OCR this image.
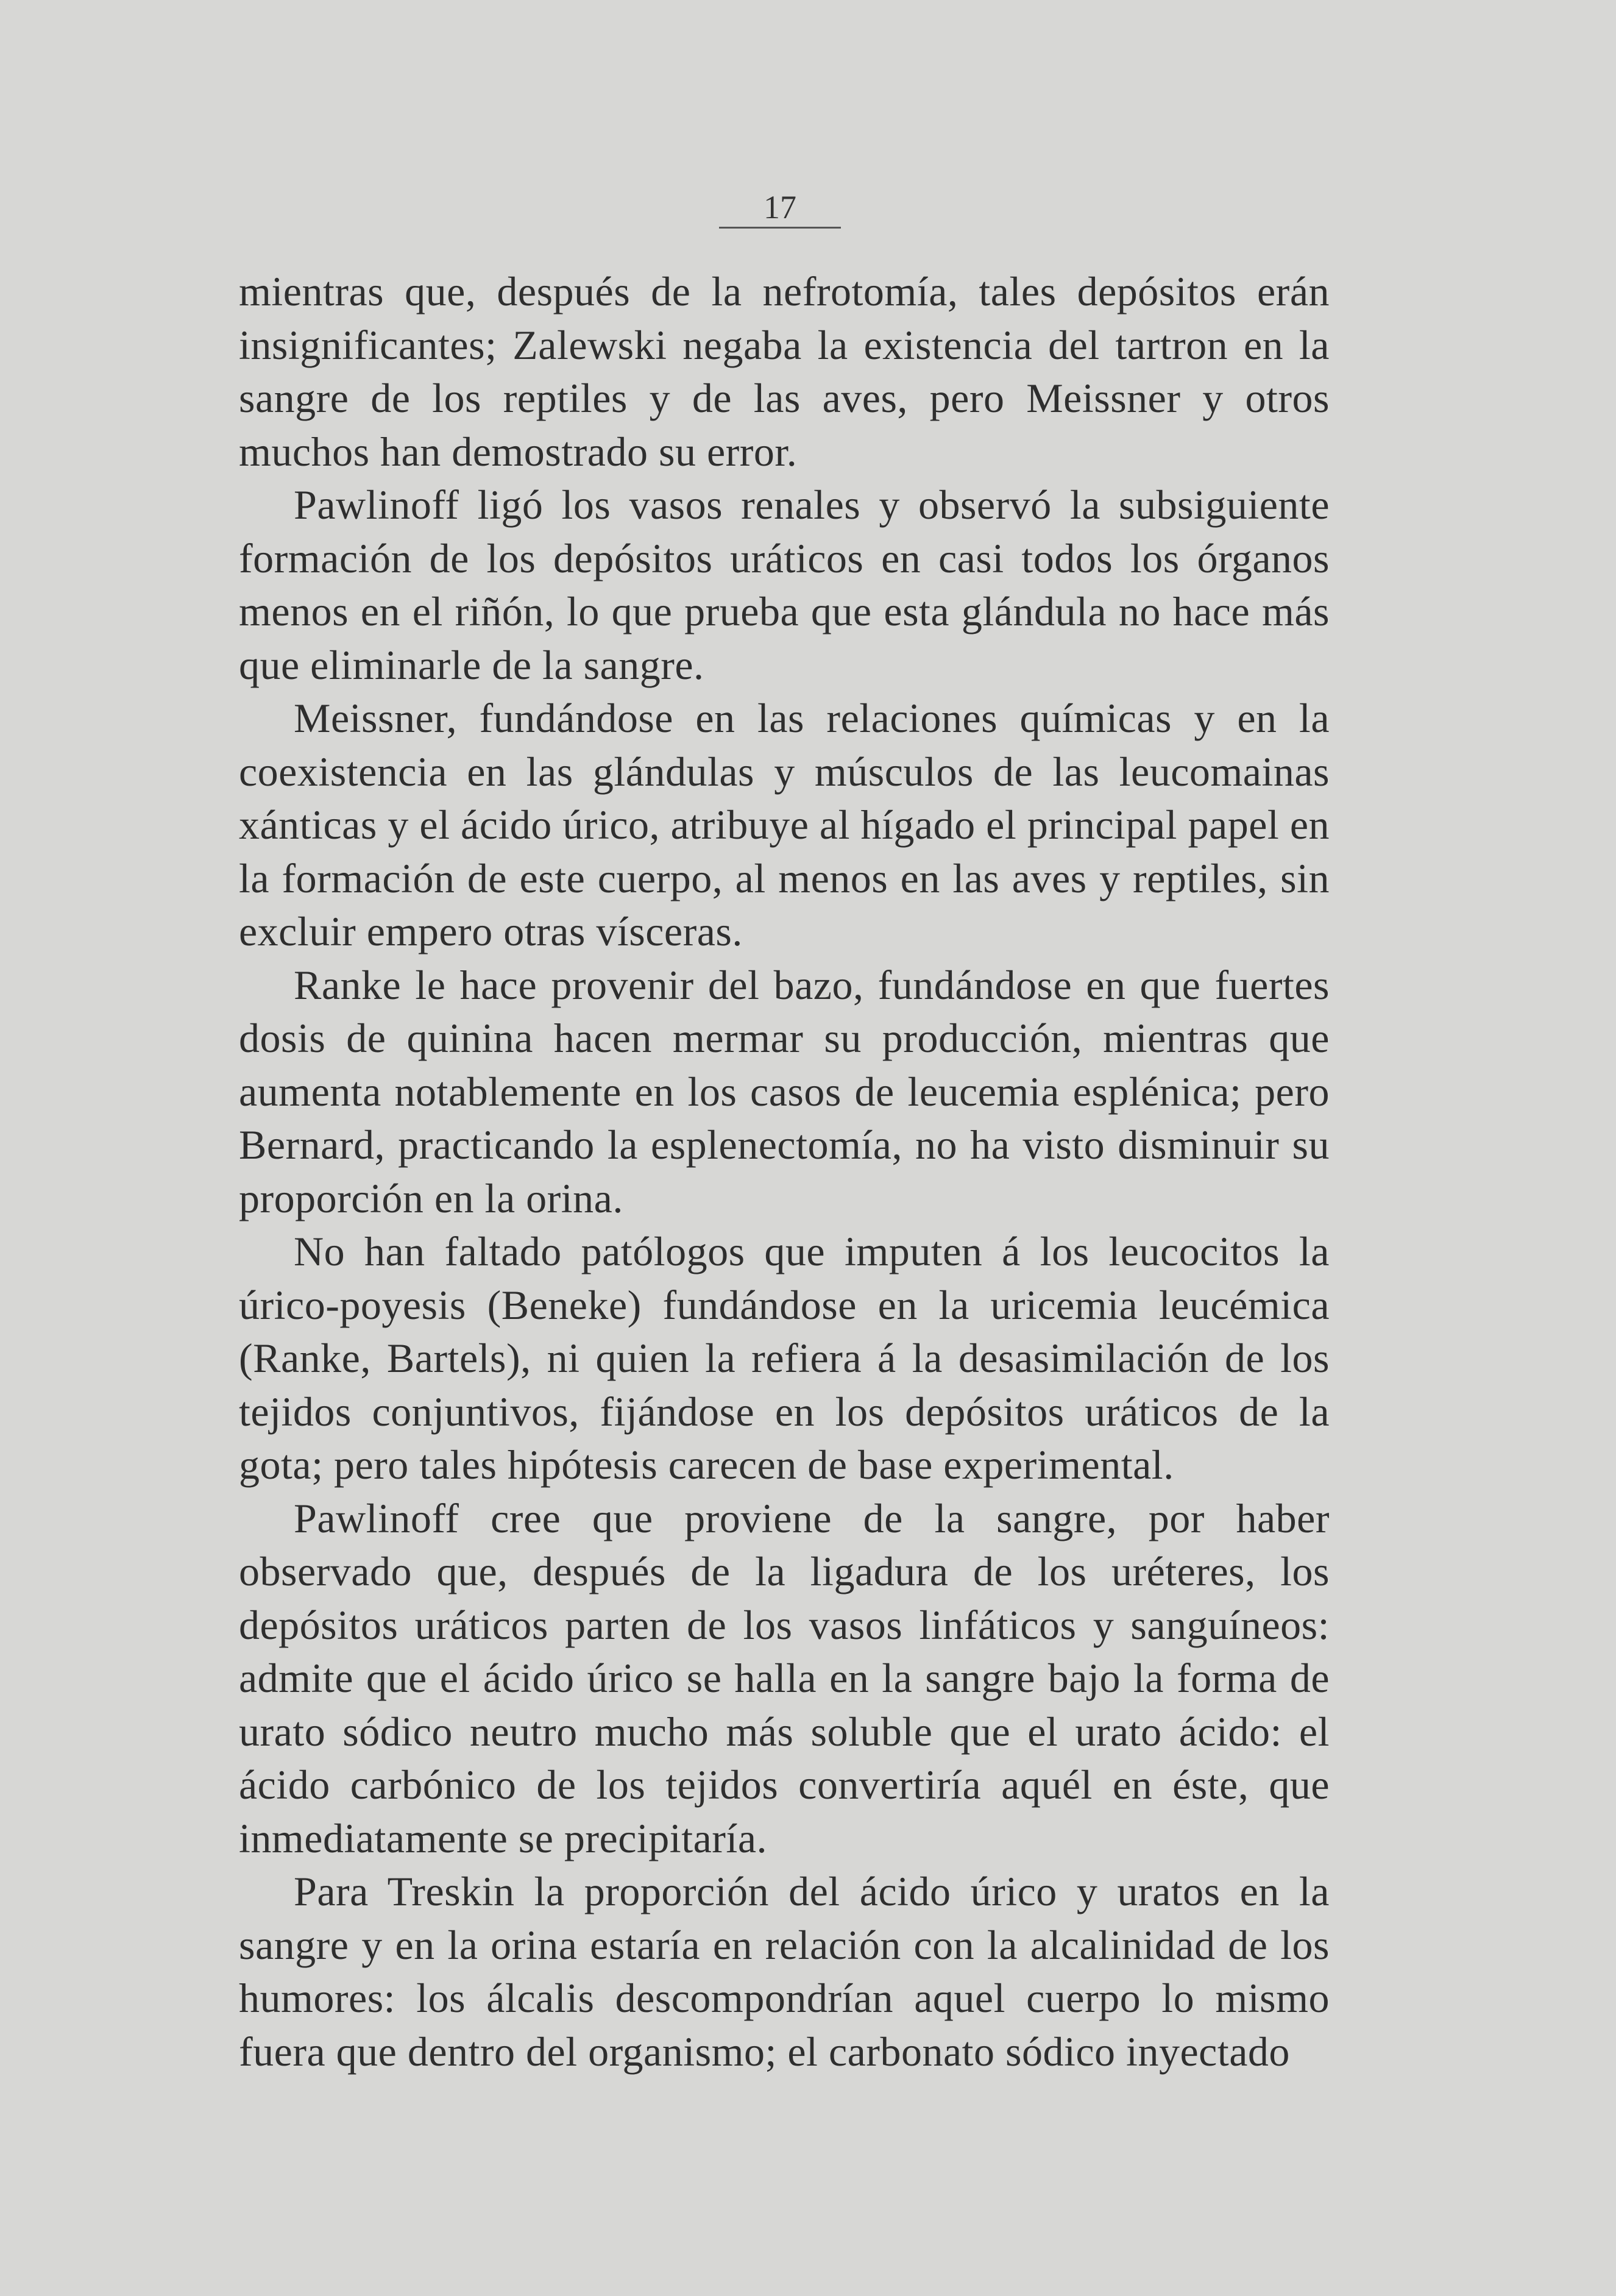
17

mientras que, después de la nefrotomía, tales depósitos erán insignificantes; Zalewski negaba la existencia del tartron en la sangre de los reptiles y de las aves, pero Meissner y otros muchos han demostrado su error.

Pawlinoff ligó los vasos renales y observó la subsiguiente formación de los depósitos uráticos en casi todos los órganos menos en el riñón, lo que prueba que esta glándula no hace más que eliminarle de la sangre.

Meissner, fundándose en las relaciones químicas y en la coexistencia en las glándulas y músculos de las leucomainas xánticas y el ácido úrico, atribuye al hígado el principal papel en la formación de este cuerpo, al menos en las aves y reptiles, sin excluir empero otras vísceras.

Ranke le hace provenir del bazo, fundándose en que fuertes dosis de quinina hacen mermar su producción, mientras que aumenta notablemente en los casos de leucemia esplénica; pero Bernard, practicando la esplenectomía, no ha visto disminuir su proporción en la orina.

No han faltado patólogos que imputen á los leucocitos la úrico-poyesis (Beneke) fundándose en la uricemia leucémica (Ranke, Bartels), ni quien la refiera á la desasimilación de los tejidos conjuntivos, fijándose en los depósitos uráticos de la gota; pero tales hipótesis carecen de base experimental.

Pawlinoff cree que proviene de la sangre, por haber observado que, después de la ligadura de los uréteres, los depósitos uráticos parten de los vasos linfáticos y sanguíneos: admite que el ácido úrico se halla en la sangre bajo la forma de urato sódico neutro mucho más soluble que el urato ácido: el ácido carbónico de los tejidos convertiría aquél en éste, que inmediatamente se precipitaría.

Para Treskin la proporción del ácido úrico y uratos en la sangre y en la orina estaría en relación con la alcalinidad de los humores: los álcalis descompondrían aquel cuerpo lo mismo fuera que dentro del organismo; el carbonato sódico inyectado
